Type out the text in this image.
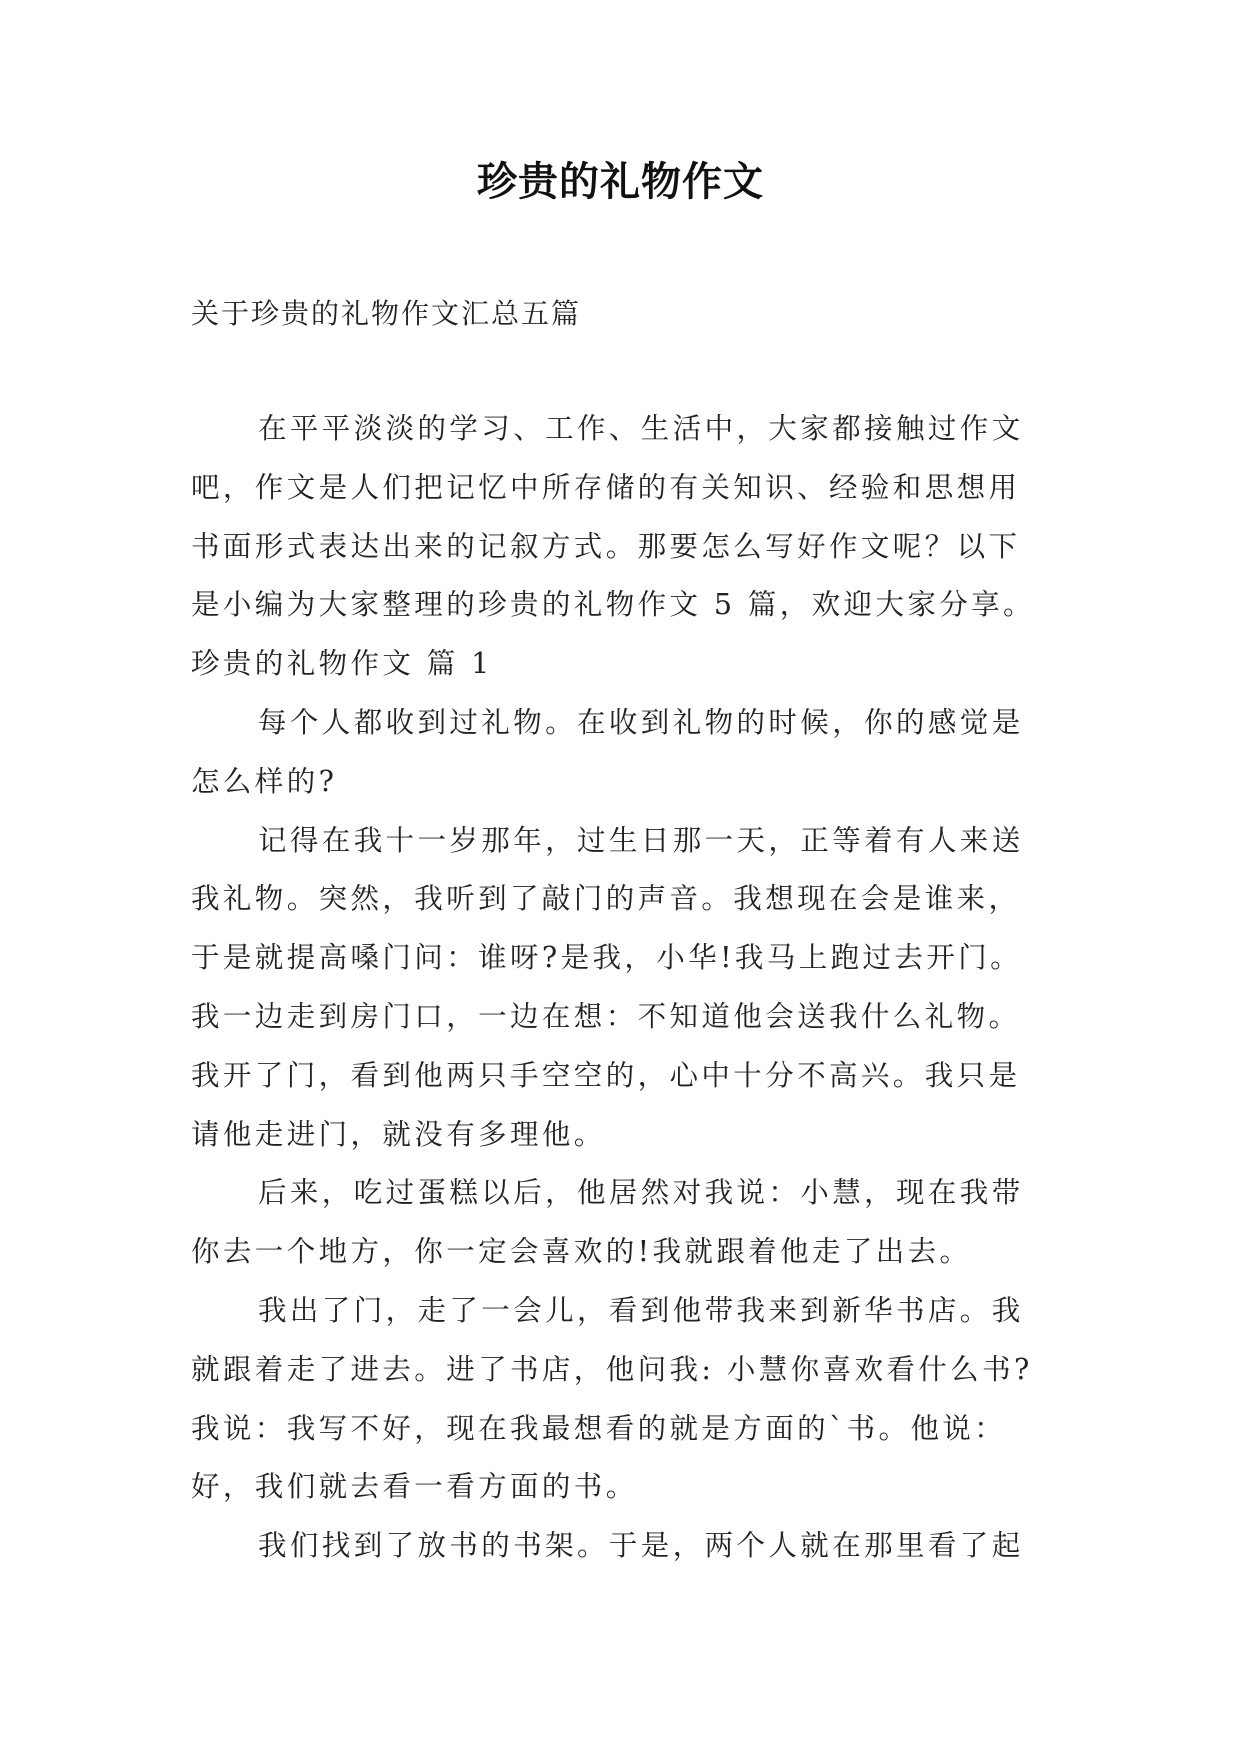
珍贵的礼物作文
关于珍贵的礼物作文汇总五篇
在平平淡淡的学习、工作、生活中，大家都接触过作文
吧，作文是人们把记忆中所存储的有关知识、经验和思想用
书面形式表达出来的记叙方式。那要怎么写好作文呢？以下
是小编为大家整理的珍贵的礼物作文 5 篇，欢迎大家分享。
珍贵的礼物作文 篇 1
每个人都收到过礼物。在收到礼物的时候，你的感觉是
怎么样的?
记得在我十一岁那年，过生日那一天，正等着有人来送
我礼物。突然，我听到了敲门的声音。我想现在会是谁来，
于是就提高嗓门问：谁呀?是我，小华!我马上跑过去开门。
我一边走到房门口，一边在想：不知道他会送我什么礼物。
我开了门，看到他两只手空空的，心中十分不高兴。我只是
请他走进门，就没有多理他。
后来，吃过蛋糕以后，他居然对我说：小慧，现在我带
你去一个地方，你一定会喜欢的!我就跟着他走了出去。
我出了门，走了一会儿，看到他带我来到新华书店。我
就跟着走了进去。进了书店，他问我: 小慧你喜欢看什么书?
我说：我写不好，现在我最想看的就是方面的`书。他说：
好，我们就去看一看方面的书。
我们找到了放书的书架。于是，两个人就在那里看了起
